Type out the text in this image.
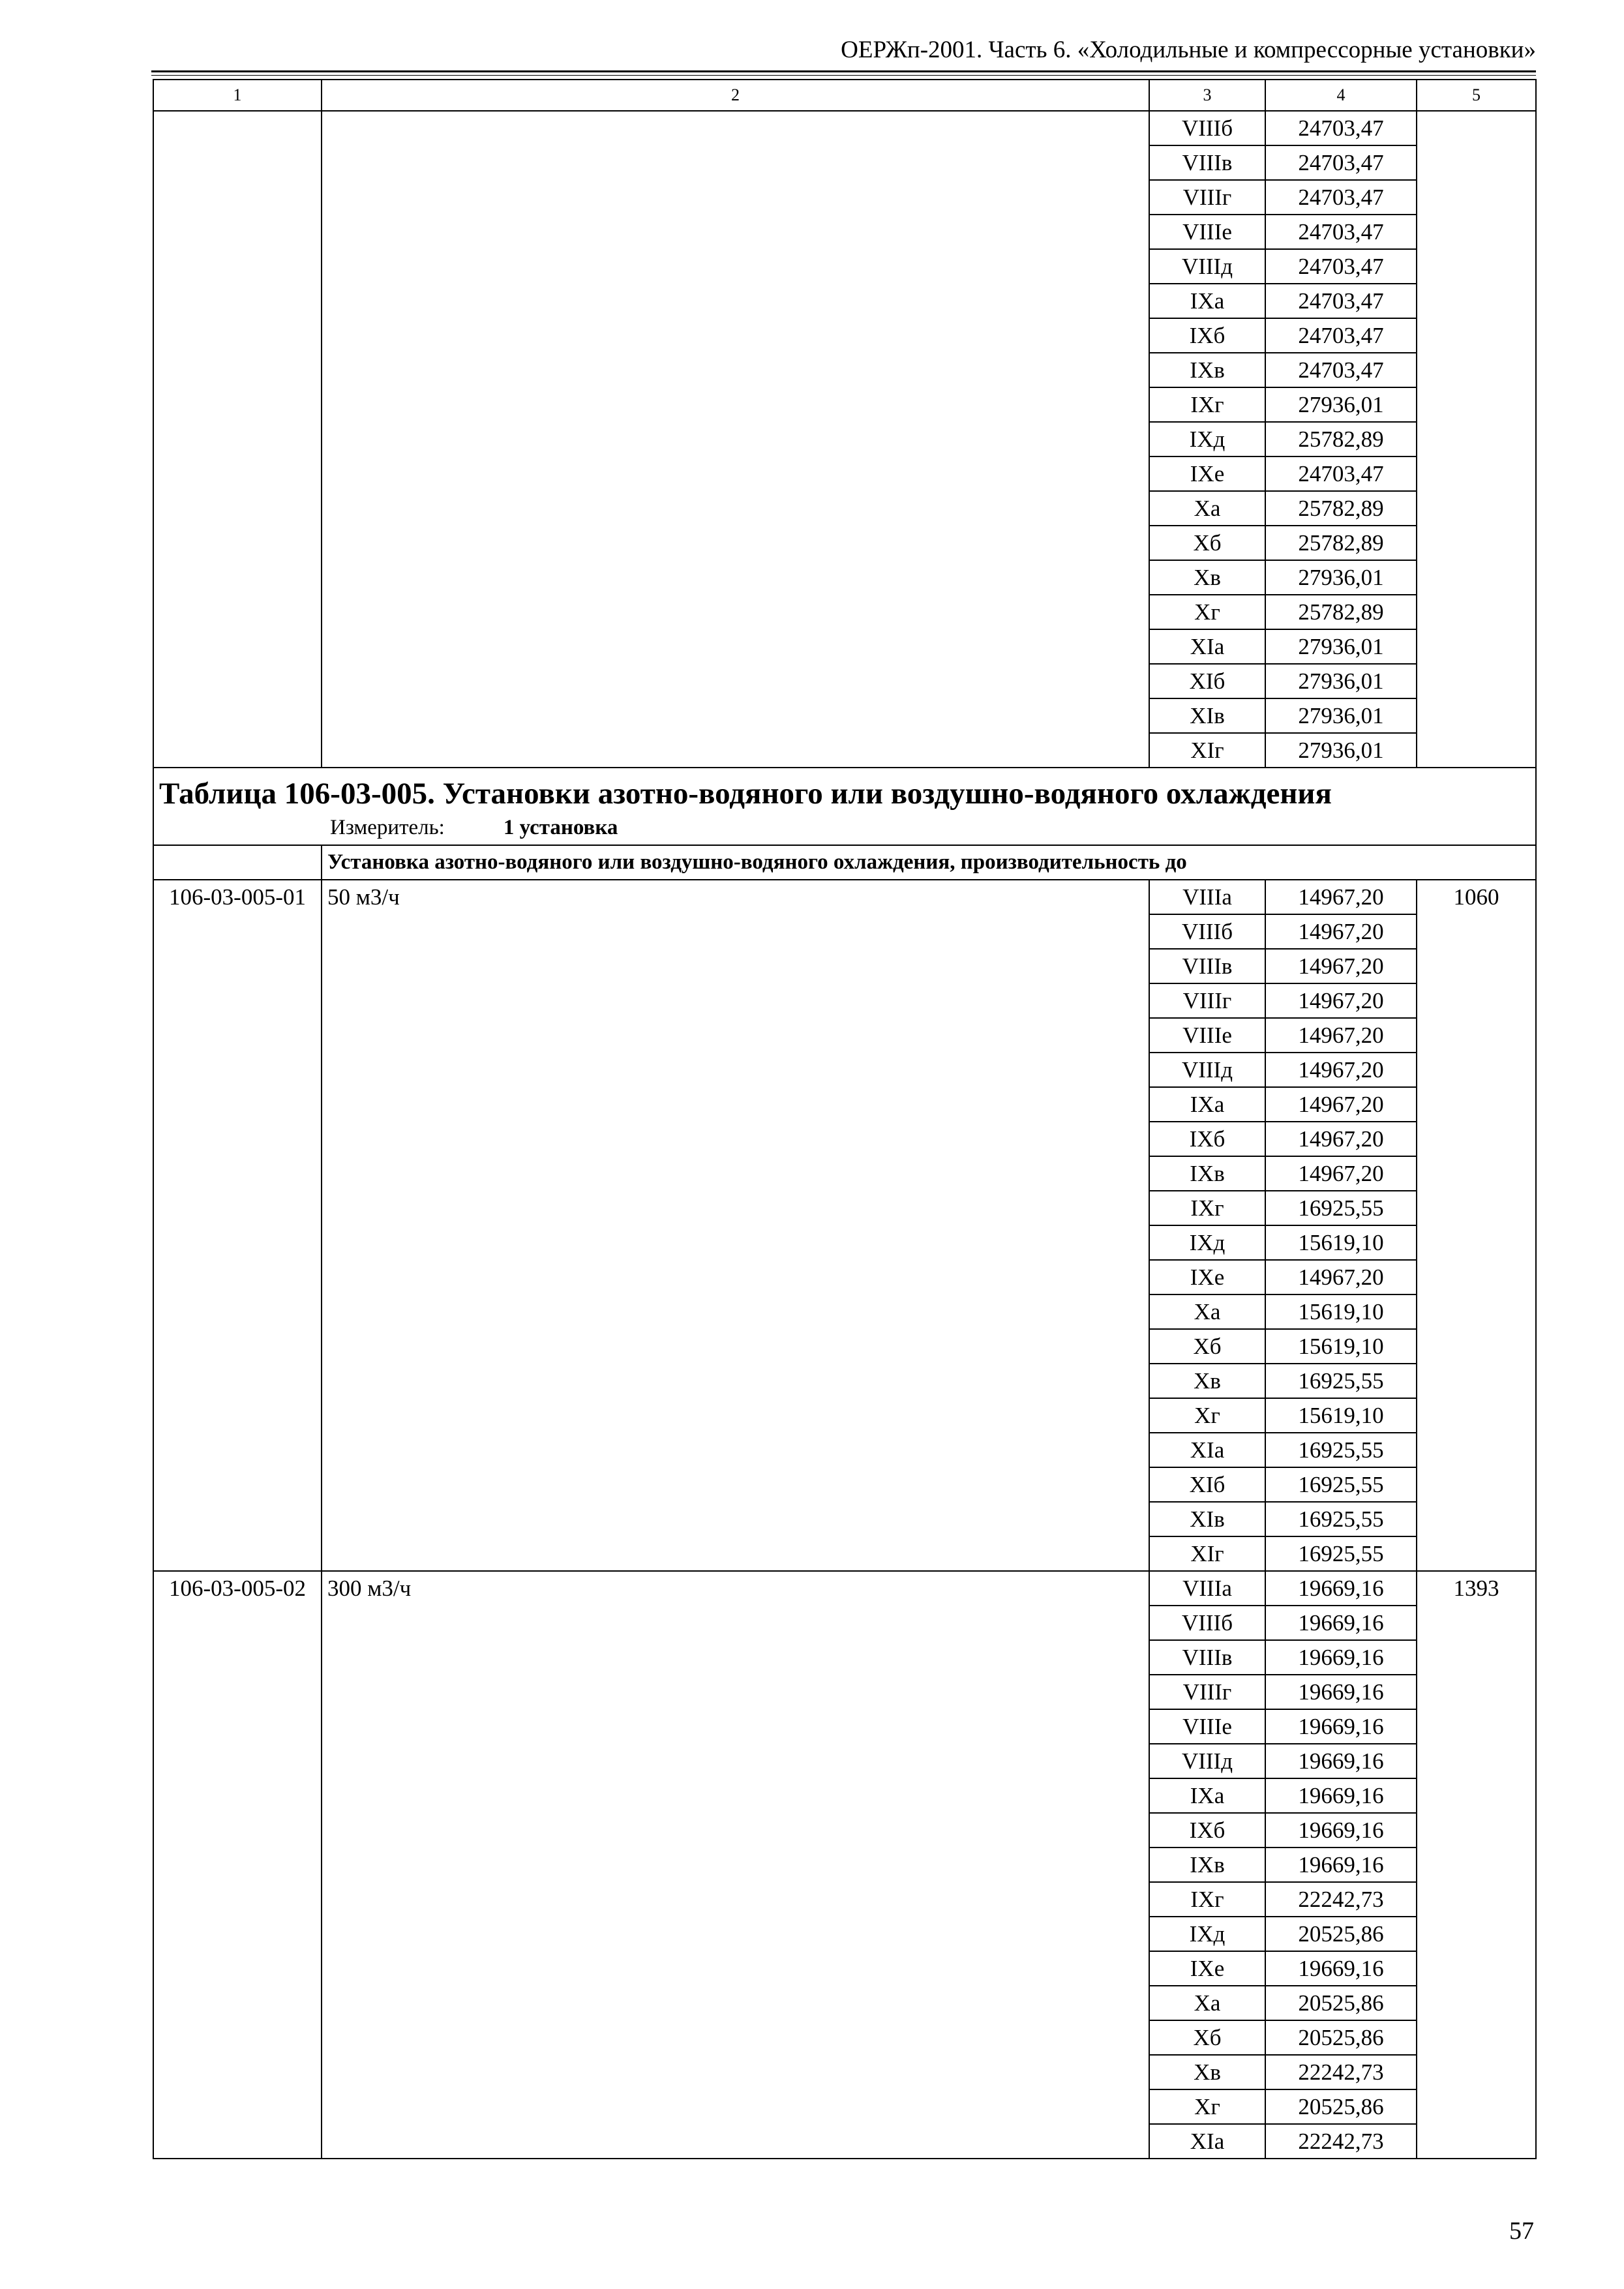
ОЕРЖп-2001. Часть 6. «Холодильные и компрессорные установки»
1	2	3	4	5
		VIIIб	24703,47	
		VIIIв	24703,47	
		VIIIг	24703,47	
		VIIIе	24703,47	
		VIIIд	24703,47	
		IXа	24703,47	
		IXб	24703,47	
		IXв	24703,47	
		IXг	27936,01	
		IXд	25782,89	
		IXе	24703,47	
		Xа	25782,89	
		Xб	25782,89	
		Xв	27936,01	
		Xг	25782,89	
		XIа	27936,01	
		XIб	27936,01	
		XIв	27936,01	
		XIг	27936,01	

Таблица 106-03-005. Установки азотно-водяного или воздушно-водяного охлаждения
Измеритель: 1 установка				

	Установка азотно-водяного или воздушно-водяного охлаждения, производительность до			
106-03-005-01	50 м3/ч	VIIIа	14967,20	1060
		VIIIб	14967,20	
		VIIIв	14967,20	
		VIIIг	14967,20	
		VIIIе	14967,20	
		VIIIд	14967,20	
		IXа	14967,20	
		IXб	14967,20	
		IXв	14967,20	
		IXг	16925,55	
		IXд	15619,10	
		IXе	14967,20	
		Xа	15619,10	
		Xб	15619,10	
		Xв	16925,55	
		Xг	15619,10	
		XIа	16925,55	
		XIб	16925,55	
		XIв	16925,55	
		XIг	16925,55	
106-03-005-02	300 м3/ч	VIIIа	19669,16	1393
		VIIIб	19669,16	
		VIIIв	19669,16	
		VIIIг	19669,16	
		VIIIе	19669,16	
		VIIIд	19669,16	
		IXа	19669,16	
		IXб	19669,16	
		IXв	19669,16	
		IXг	22242,73	
		IXд	20525,86	
		IXе	19669,16	
		Xа	20525,86	
		Xб	20525,86	
		Xв	22242,73	
		Xг	20525,86	
		XIа	22242,73	
57
